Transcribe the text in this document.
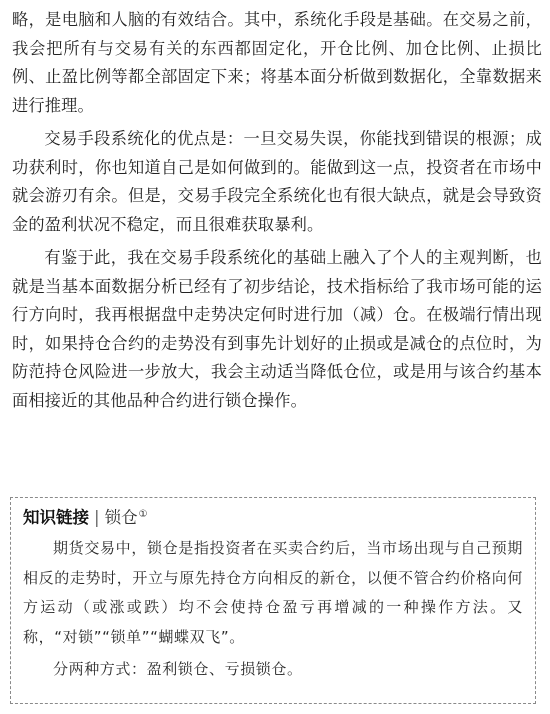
略，是电脑和人脑的有效结合。其中，系统化手段是基础。在交易之前，我会把所有与交易有关的东西都固定化，开仓比例、加仓比例、止损比例、止盈比例等都全部固定下来；将基本面分析做到数据化，全靠数据来进行推理。

交易手段系统化的优点是：一旦交易失误，你能找到错误的根源；成功获利时，你也知道自己是如何做到的。能做到这一点，投资者在市场中就会游刃有余。但是，交易手段完全系统化也有很大缺点，就是会导致资金的盈利状况不稳定，而且很难获取暴利。

有鉴于此，我在交易手段系统化的基础上融入了个人的主观判断，也就是当基本面数据分析已经有了初步结论，技术指标给了我市场可能的运行方向时，我再根据盘中走势决定何时进行加（减）仓。在极端行情出现时，如果持仓合约的走势没有到事先计划好的止损或是减仓的点位时，为防范持仓风险进一步放大，我会主动适当降低仓位，或是用与该合约基本面相接近的其他品种合约进行锁仓操作。

知识链接 | 锁仓①

期货交易中，锁仓是指投资者在买卖合约后，当市场出现与自己预期相反的走势时，开立与原先持仓方向相反的新仓，以便不管合约价格向何方运动（或涨或跌）均不会使持仓盈亏再增减的一种操作方法。又称，“对锁”“锁单”“蝴蝶双飞”。

分两种方式：盈利锁仓、亏损锁仓。
